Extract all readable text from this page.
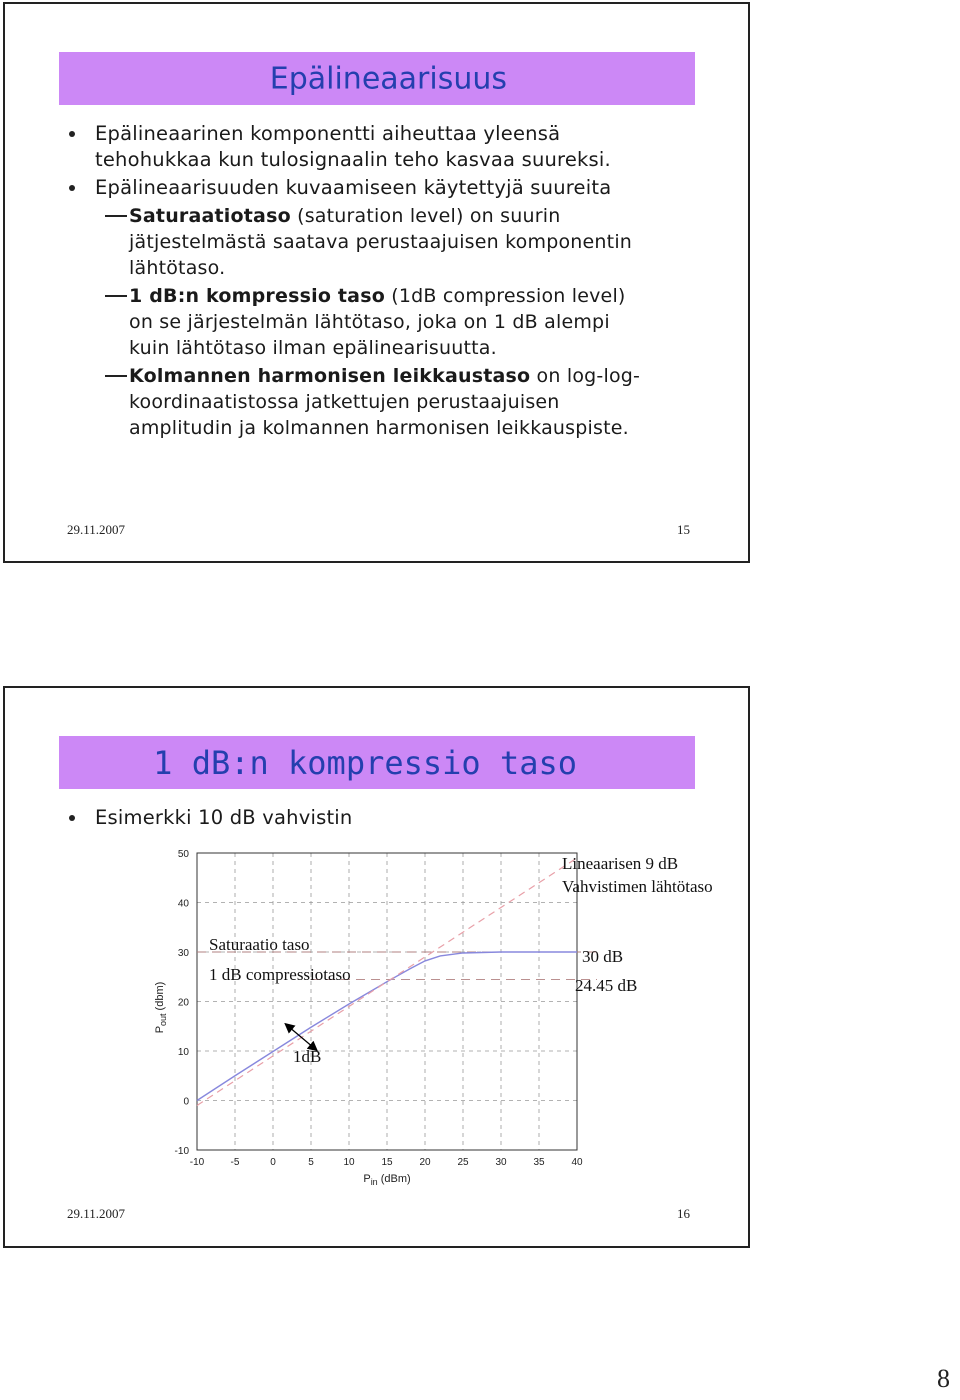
Epälineaarisuus
Epälineaarinen komponentti aiheuttaa yleensä
tehohukkaa kun tulosignaalin teho kasvaa suureksi.
Epälineaarisuuden kuvaamiseen käytettyjä suureita
Saturaatiotaso (saturation level) on suurin
jätjestelmästä saatava perustaajuisen komponentin
lähtötaso.
1 dB:n kompressio taso (1dB compression level)
on se järjestelmän lähtötaso, joka on 1 dB alempi
kuin lähtötaso ilman epälinearisuutta.
Kolmannen harmonisen leikkaustaso on log-log-
koordinaatistossa jatkettujen perustaajuisen
amplitudin ja kolmannen harmonisen leikkauspiste.
29.11.2007	15
1 dB:n kompressio taso
Esimerkki 10 dB vahvistin
-10	-5	0	5	10	15	20	25	30	35	40
-10
0
10
20
30
40
50
$P_{in}$ (dBm)
$P_{out}(dbm)$
Lineaarisen 9 dB
Vahvistimen lähtötaso
Saturaatio taso
1 dB compressiotaso
30 dB
24.45 dB
1dB
29.11.2007	16
8
